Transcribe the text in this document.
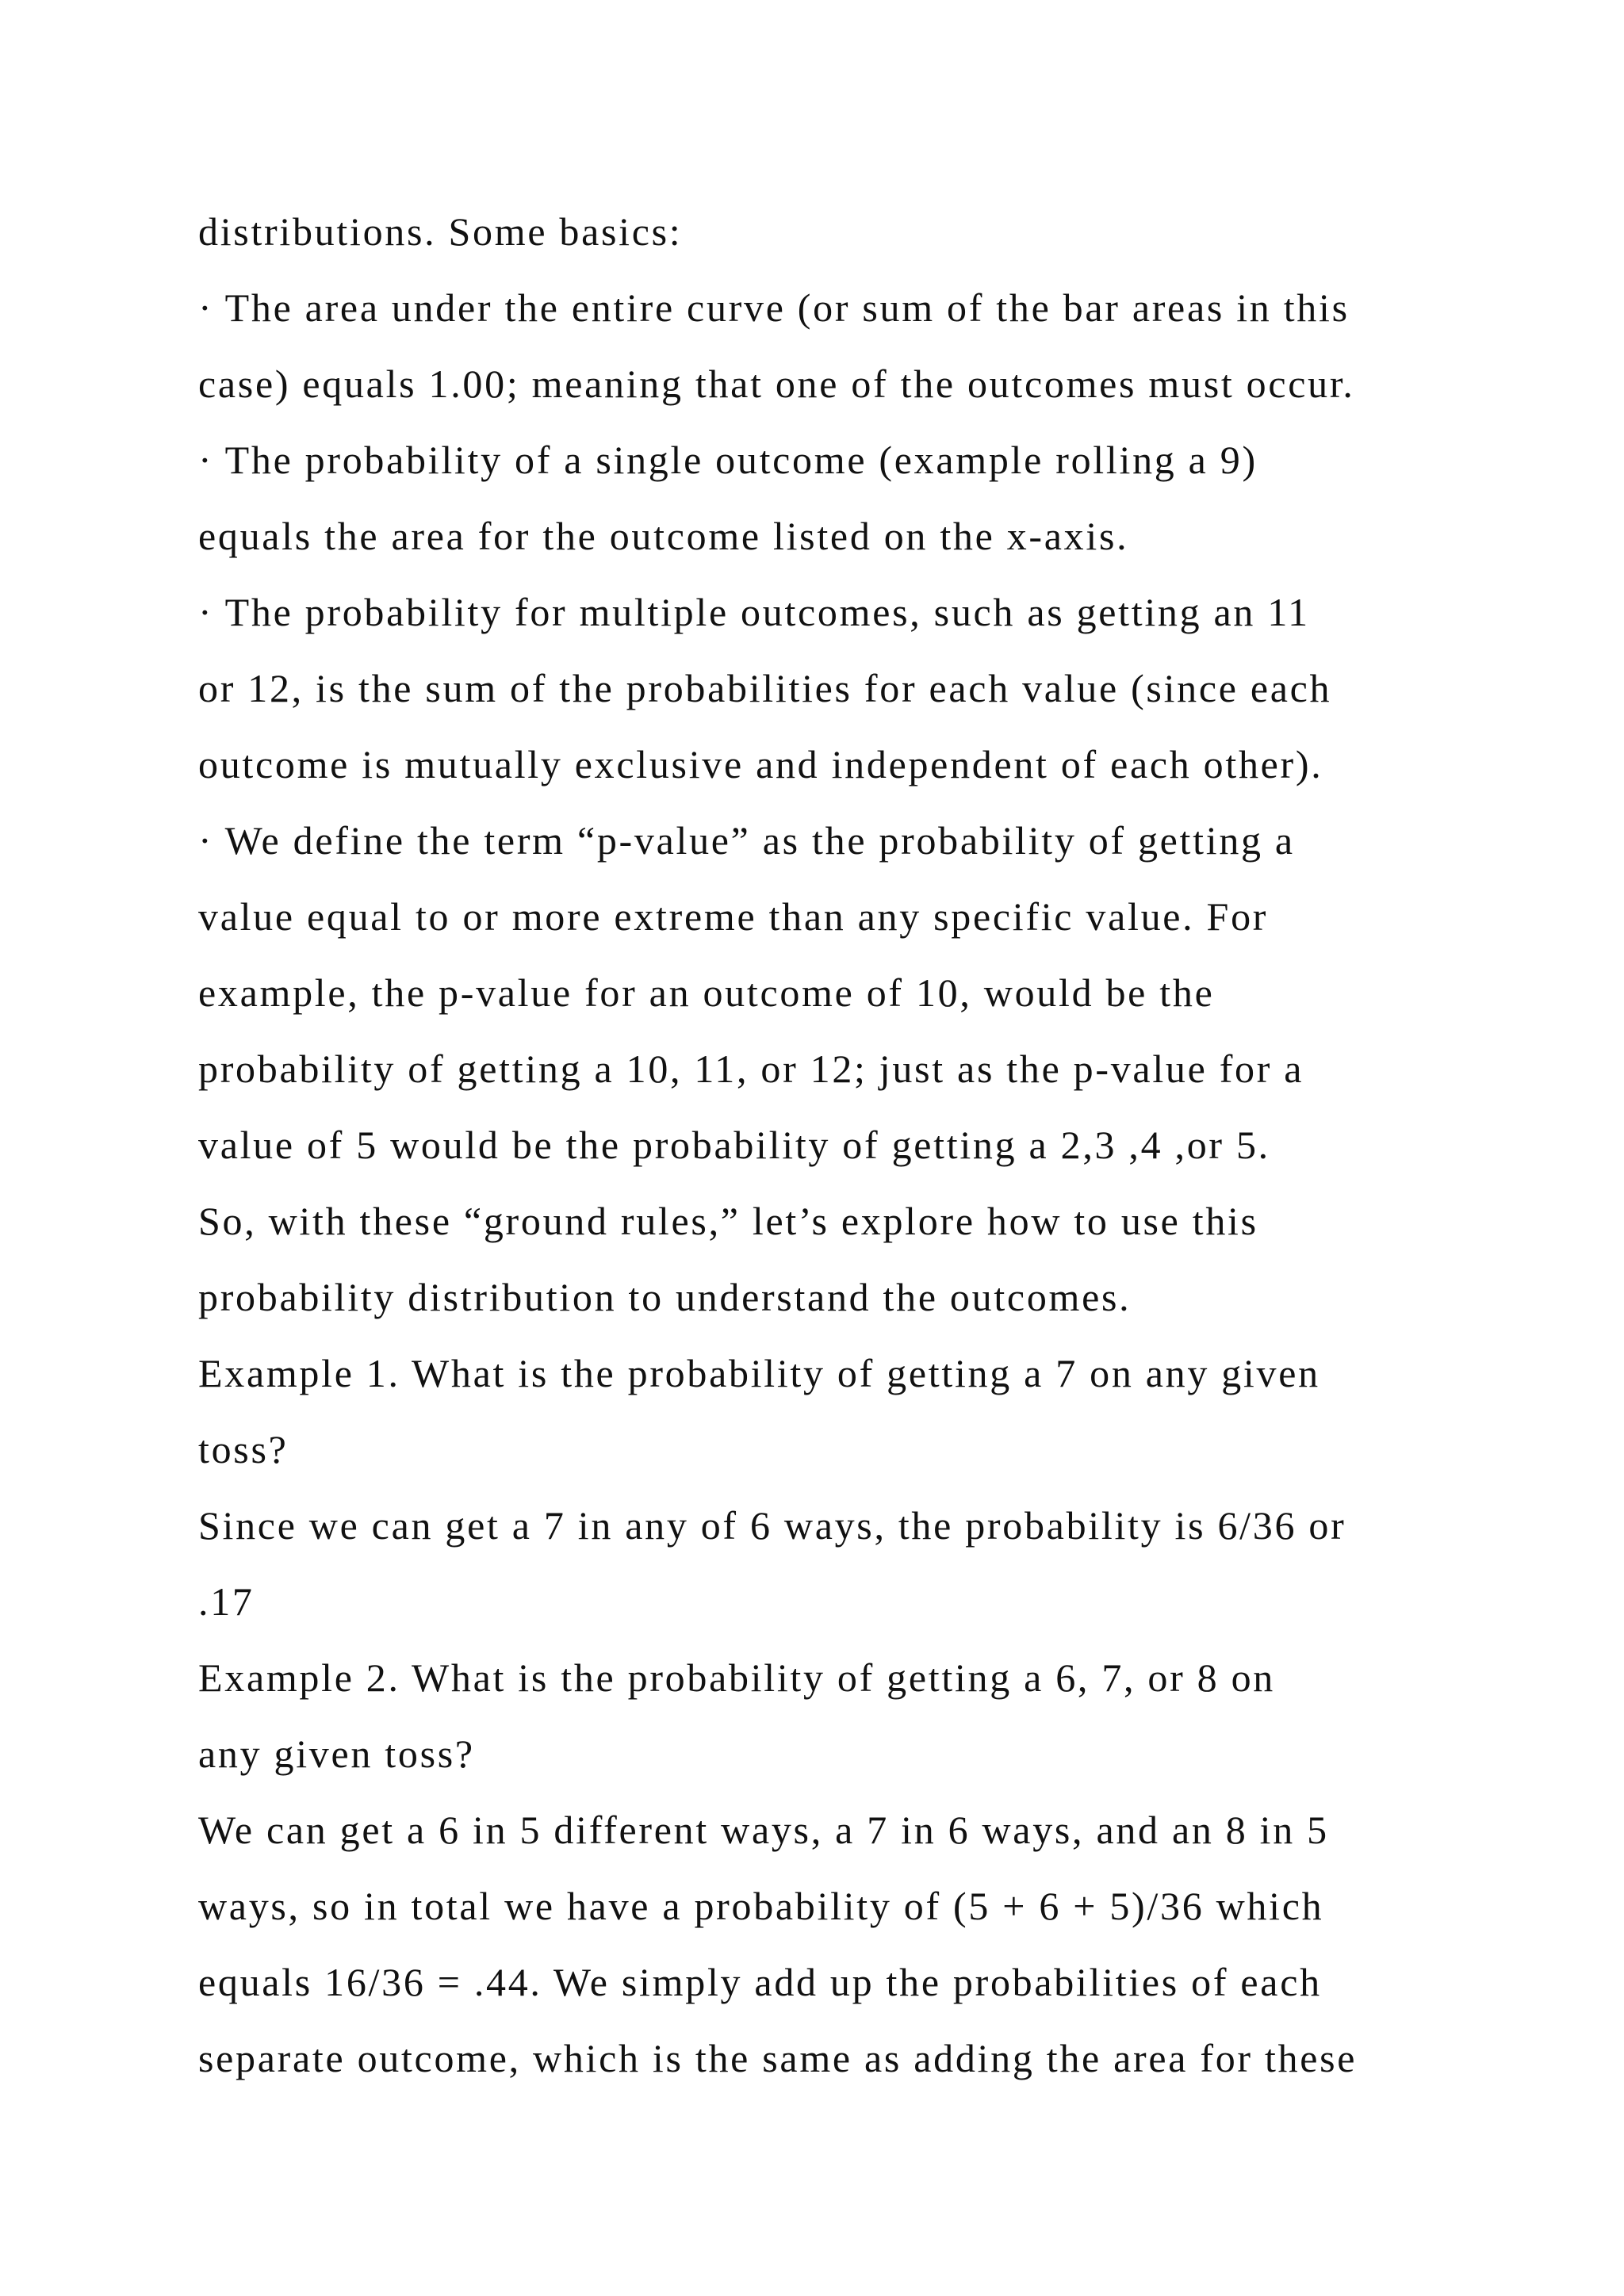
distributions. Some basics:
· The area under the entire curve (or sum of the bar areas in this
case) equals 1.00; meaning that one of the outcomes must occur.
· The probability of a single outcome (example rolling a 9)
equals the area for the outcome listed on the x-axis.
· The probability for multiple outcomes, such as getting an 11
or 12, is the sum of the probabilities for each value (since each
outcome is mutually exclusive and independent of each other).
· We define the term “p-value” as the probability of getting a
value equal to or more extreme than any specific value. For
example, the p-value for an outcome of 10, would be the
probability of getting a 10, 11, or 12; just as the p-value for a
value of 5 would be the probability of getting a 2,3 ,4 ,or 5.
So, with these “ground rules,” let’s explore how to use this
probability distribution to understand the outcomes.
Example 1. What is the probability of getting a 7 on any given
toss?
Since we can get a 7 in any of 6 ways, the probability is 6/36 or
.17
Example 2. What is the probability of getting a 6, 7, or 8 on
any given toss?
We can get a 6 in 5 different ways, a 7 in 6 ways, and an 8 in 5
ways, so in total we have a probability of (5 + 6 + 5)/36 which
equals 16/36 = .44. We simply add up the probabilities of each
separate outcome, which is the same as adding the area for these
